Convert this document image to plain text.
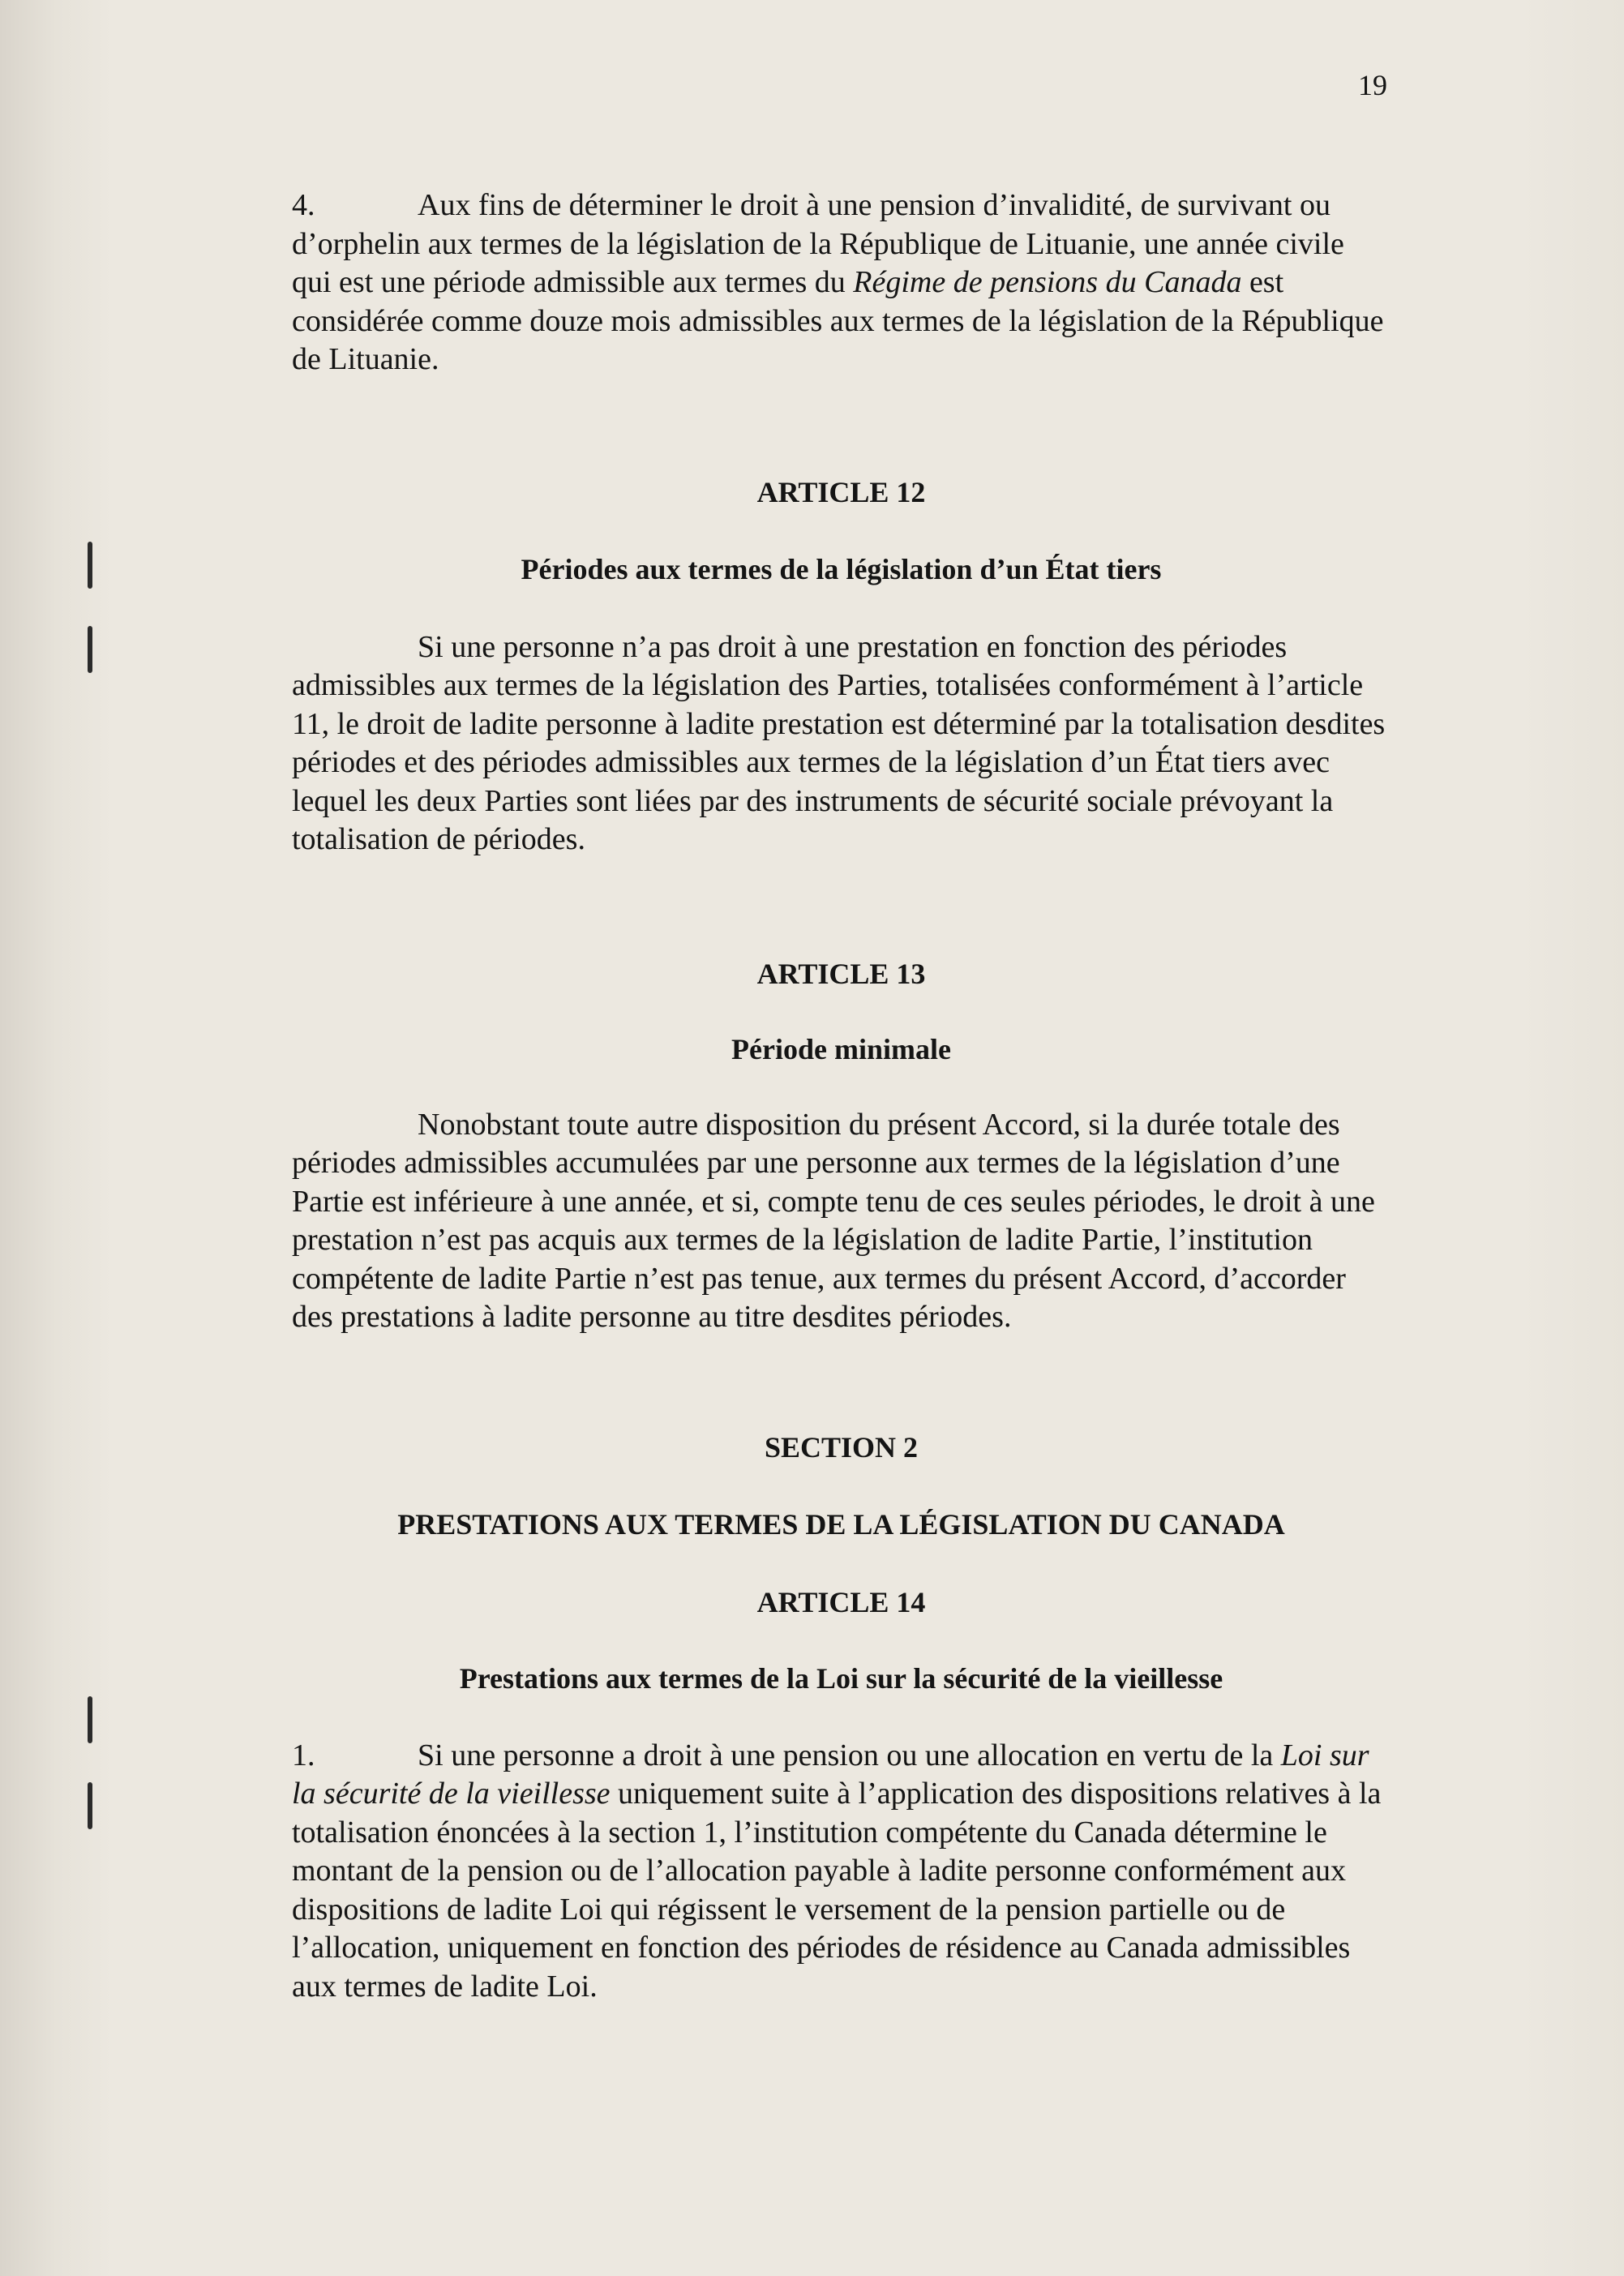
19

4.	Aux fins de déterminer le droit à une pension d’invalidité, de survivant ou d’orphelin aux termes de la législation de la République de Lituanie, une année civile qui est une période admissible aux termes du Régime de pensions du Canada est considérée comme douze mois admissibles aux termes de la législation de la République de Lituanie.

ARTICLE 12
Périodes aux termes de la législation d’un État tiers

Si une personne n’a pas droit à une prestation en fonction des périodes admissibles aux termes de la législation des Parties, totalisées conformément à l’article 11, le droit de ladite personne à ladite prestation est déterminé par la totalisation desdites périodes et des périodes admissibles aux termes de la législation d’un État tiers avec lequel les deux Parties sont liées par des instruments de sécurité sociale prévoyant la totalisation de périodes.

ARTICLE 13
Période minimale

Nonobstant toute autre disposition du présent Accord, si la durée totale des périodes admissibles accumulées par une personne aux termes de la législation d’une Partie est inférieure à une année, et si, compte tenu de ces seules périodes, le droit à une prestation n’est pas acquis aux termes de la législation de ladite Partie, l’institution compétente de ladite Partie n’est pas tenue, aux termes du présent Accord, d’accorder des prestations à ladite personne au titre desdites périodes.

SECTION 2
PRESTATIONS AUX TERMES DE LA LÉGISLATION DU CANADA
ARTICLE 14
Prestations aux termes de la Loi sur la sécurité de la vieillesse

1.	Si une personne a droit à une pension ou une allocation en vertu de la Loi sur la sécurité de la vieillesse uniquement suite à l’application des dispositions relatives à la totalisation énoncées à la section 1, l’institution compétente du Canada détermine le montant de la pension ou de l’allocation payable à ladite personne conformément aux dispositions de ladite Loi qui régissent le versement de la pension partielle ou de l’allocation, uniquement en fonction des périodes de résidence au Canada admissibles aux termes de ladite Loi.
